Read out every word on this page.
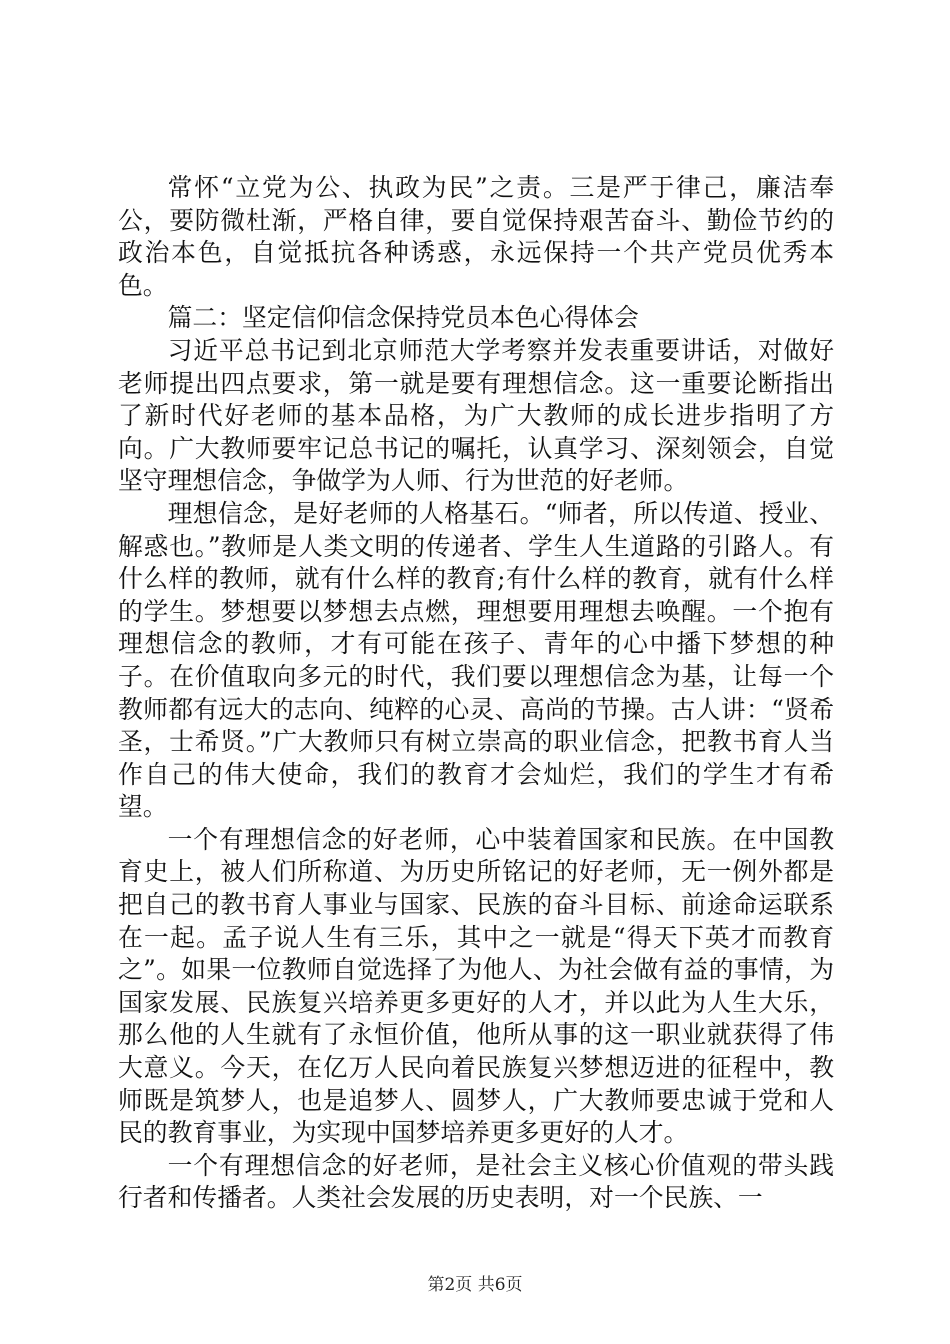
常怀“立党为公、执政为民”之责。三是严于律己，廉洁奉公，要防微杜渐，严格自律，要自觉保持艰苦奋斗、勤俭节约的政治本色，自觉抵抗各种诱惑，永远保持一个共产党员优秀本色。

篇二：坚定信仰信念保持党员本色心得体会

习近平总书记到北京师范大学考察并发表重要讲话，对做好老师提出四点要求，第一就是要有理想信念。这一重要论断指出了新时代好老师的基本品格，为广大教师的成长进步指明了方向。广大教师要牢记总书记的嘱托，认真学习、深刻领会，自觉坚守理想信念，争做学为人师、行为世范的好老师。

理想信念，是好老师的人格基石。“师者，所以传道、授业、解惑也。”教师是人类文明的传递者、学生人生道路的引路人。有什么样的教师，就有什么样的教育;有什么样的教育，就有什么样的学生。梦想要以梦想去点燃，理想要用理想去唤醒。一个抱有理想信念的教师，才有可能在孩子、青年的心中播下梦想的种子。在价值取向多元的时代，我们要以理想信念为基，让每一个教师都有远大的志向、纯粹的心灵、高尚的节操。古人讲：“贤希圣，士希贤。”广大教师只有树立崇高的职业信念，把教书育人当作自己的伟大使命，我们的教育才会灿烂，我们的学生才有希望。

一个有理想信念的好老师，心中装着国家和民族。在中国教育史上，被人们所称道、为历史所铭记的好老师，无一例外都是把自己的教书育人事业与国家、民族的奋斗目标、前途命运联系在一起。孟子说人生有三乐，其中之一就是“得天下英才而教育之”。如果一位教师自觉选择了为他人、为社会做有益的事情，为国家发展、民族复兴培养更多更好的人才，并以此为人生大乐，那么他的人生就有了永恒价值，他所从事的这一职业就获得了伟大意义。今天，在亿万人民向着民族复兴梦想迈进的征程中，教师既是筑梦人，也是追梦人、圆梦人，广大教师要忠诚于党和人民的教育事业，为实现中国梦培养更多更好的人才。

一个有理想信念的好老师，是社会主义核心价值观的带头践行者和传播者。人类社会发展的历史表明，对一个民族、一

第2页 共6页
